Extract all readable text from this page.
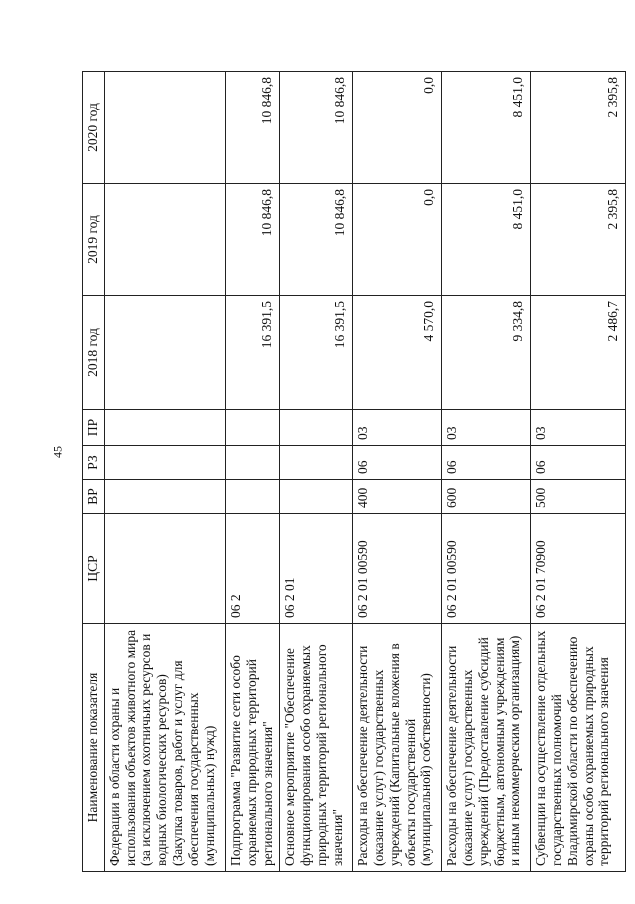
45
Наименование показателя	ЦСР	ВР	РЗ	ПР	2018 год	2019 год	2020 год
Федерации в области охраны и использования объектов животного мира (за исключением охотничьих ресурсов и водных биологических ресурсов) (Закупка товаров, работ и услуг для обеспечения государственных (муниципальных) нужд)							
Подпрограмма "Развитие сети особо охраняемых природных территорий регионального значения"	06 2				16 391,5	10 846,8	10 846,8
Основное мероприятие "Обеспечение функционирования особо охраняемых природных территорий регионального значения"	06 2 01				16 391,5	10 846,8	10 846,8
Расходы на обеспечение деятельности (оказание услуг) государственных учреждений (Капитальные вложения в объекты государственной (муниципальной) собственности)	06 2 01 00590	400	06	03	4 570,0	0,0	0,0
Расходы на обеспечение деятельности (оказание услуг) государственных учреждений (Предоставление субсидий бюджетным, автономным учреждениям и иным некоммерческим организациям)	06 2 01 00590	600	06	03	9 334,8	8 451,0	8 451,0
Субвенции на осуществление отдельных государственных полномочий Владимирской области по обеспечению охраны особо охраняемых природных территорий регионального значения	06 2 01 70900	500	06	03	2 486,7	2 395,8	2 395,8
